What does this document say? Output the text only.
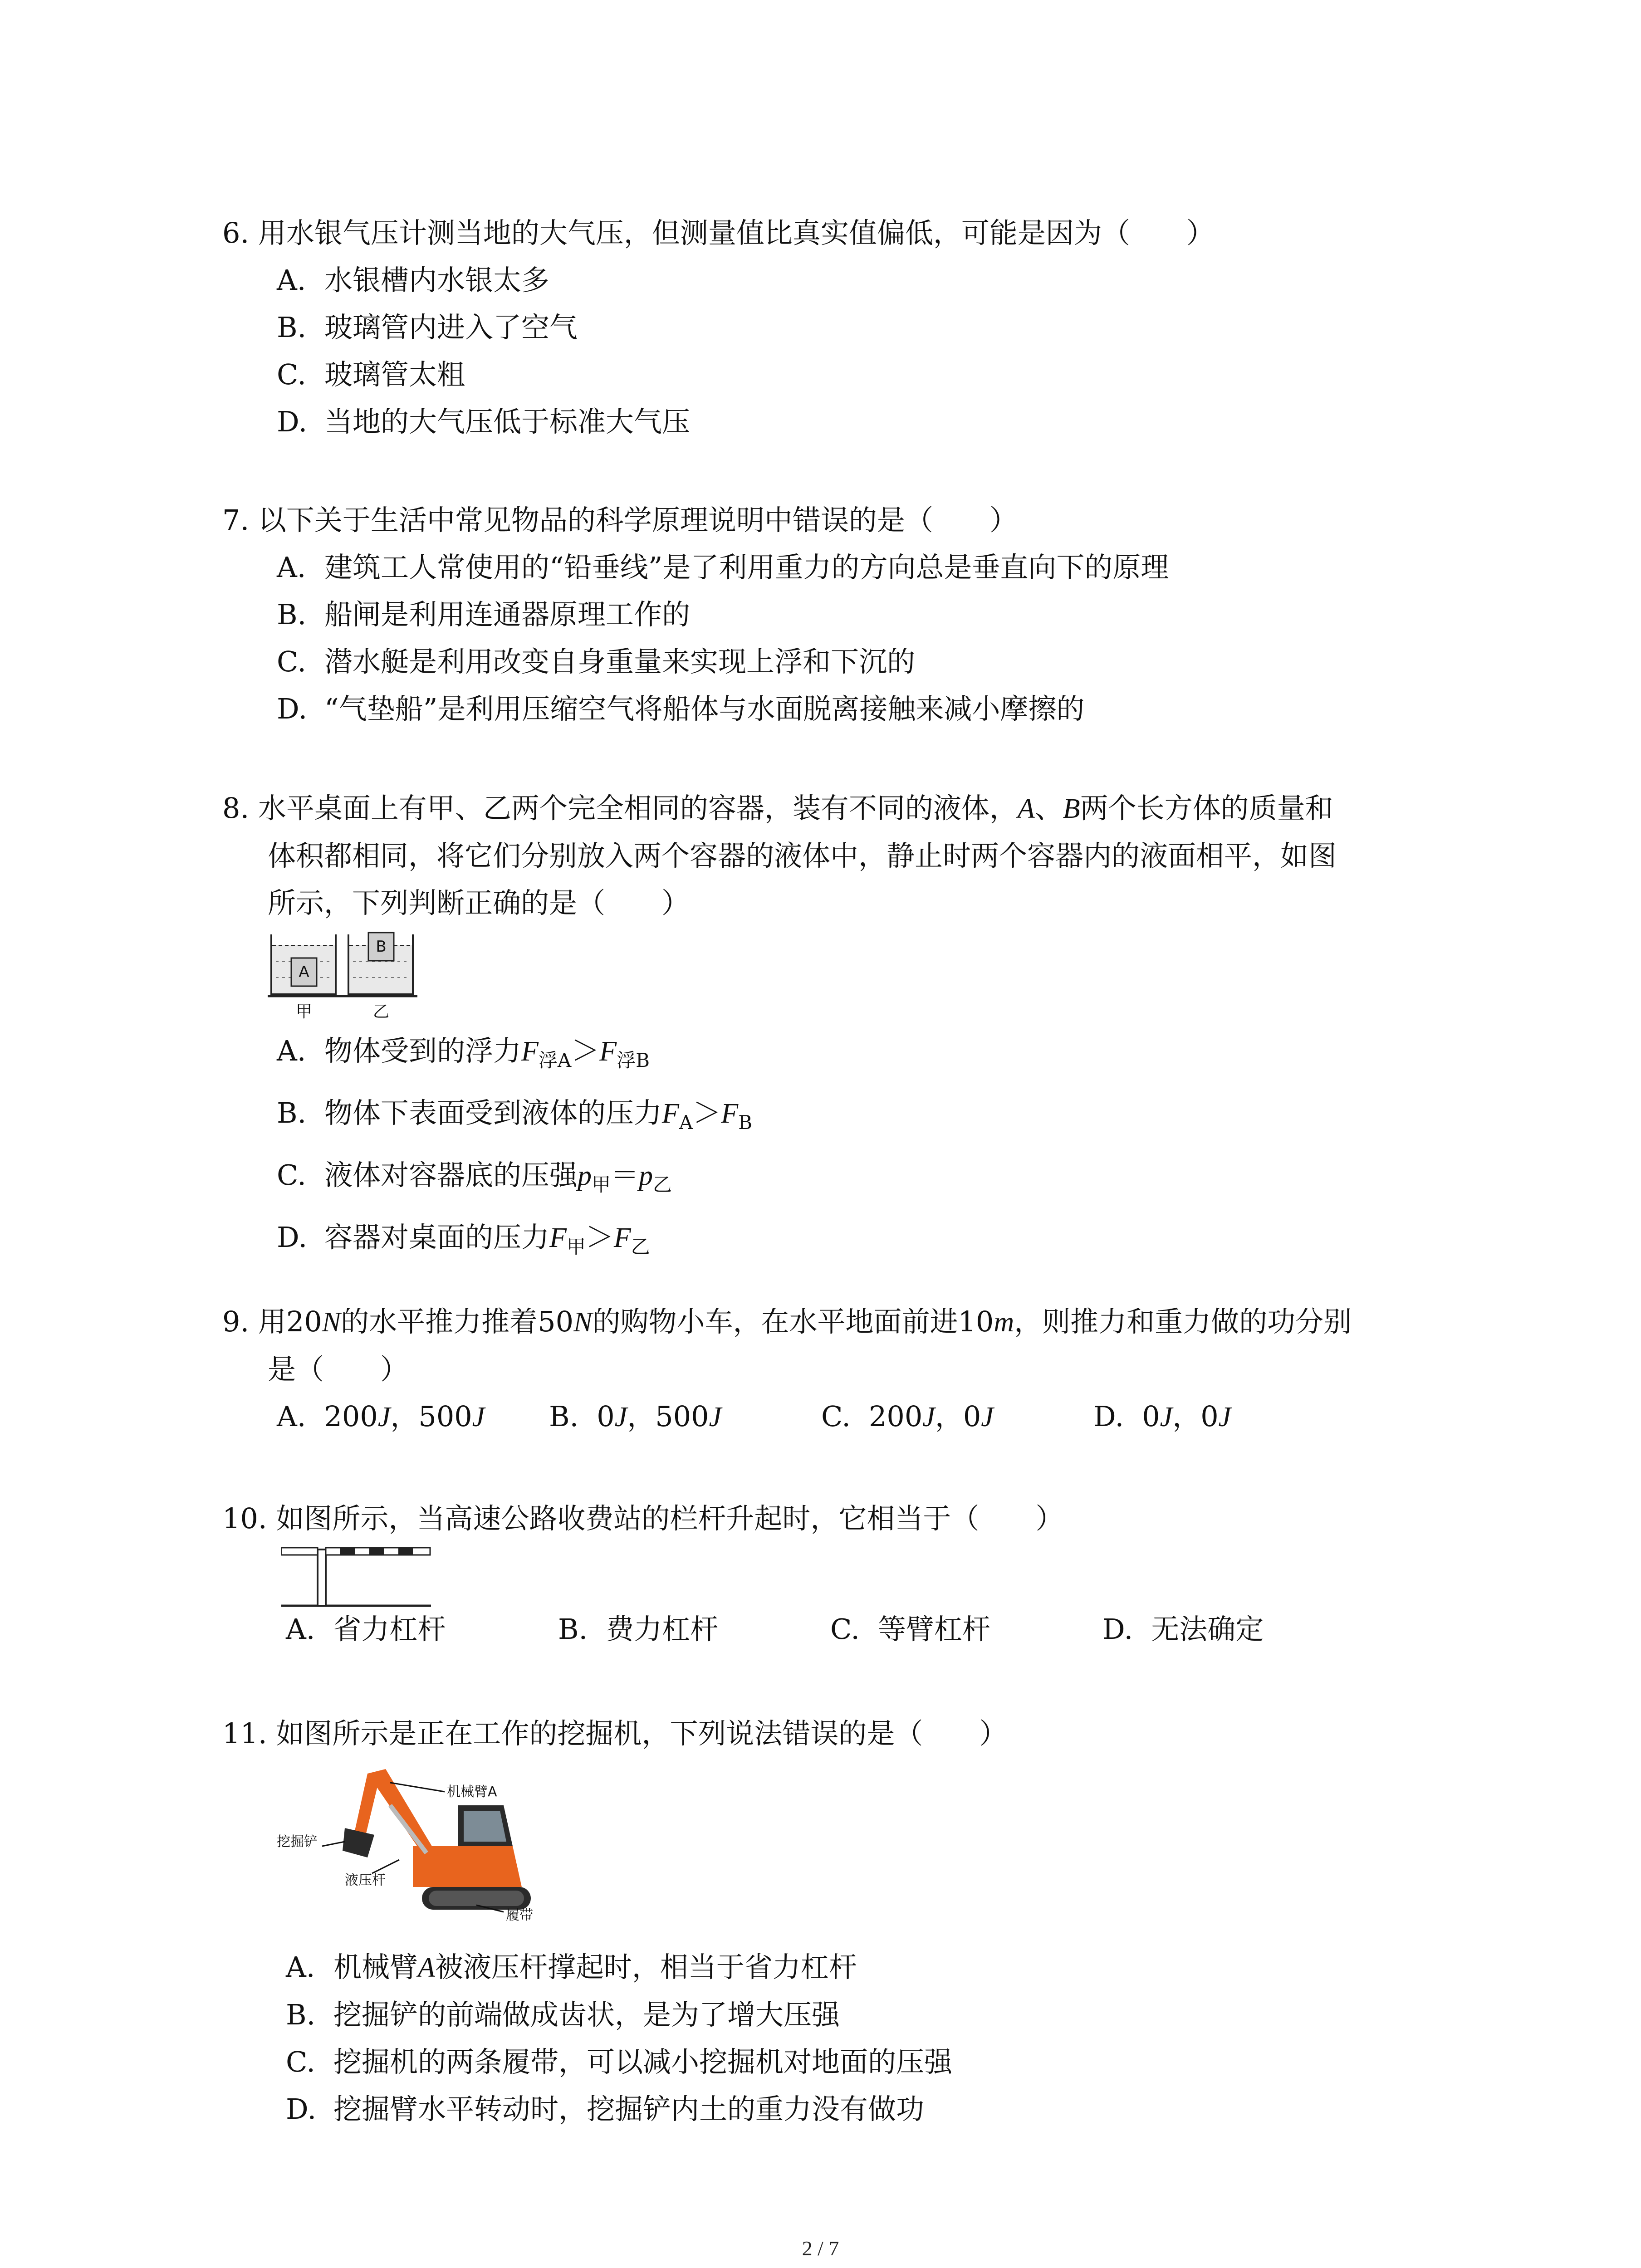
6. 用水银气压计测当地的大气压，但测量值比真实值偏低，可能是因为（　　）

A. 水银槽内水银太多

B. 玻璃管内进入了空气

C. 玻璃管太粗

D. 当地的大气压低于标准大气压

7. 以下关于生活中常见物品的科学原理说明中错误的是（　　）

A. 建筑工人常使用的“铅垂线”是了利用重力的方向总是垂直向下的原理

B. 船闸是利用连通器原理工作的

C. 潜水艇是利用改变自身重量来实现上浮和下沉的

D. “气垫船”是利用压缩空气将船体与水面脱离接触来减小摩擦的

8. 水平桌面上有甲、乙两个完全相同的容器，装有不同的液体，A、B两个长方体的质量和

体积都相同，将它们分别放入两个容器的液体中，静止时两个容器内的液面相平，如图

所示，下列判断正确的是（　　）

A
B
甲	乙

A. 物体受到的浮力$F_{浮A}>F_{浮B}$

B. 物体下表面受到液体的压力$F_A>F_B$

C. 液体对容器底的压强$p_甲=p_乙$

D. 容器对桌面的压力$F_甲>F_乙$

9. 用20N的水平推力推着50N的购物小车，在水平地面前进10m，则推力和重力做的功分别

是（　　）

A. 200J，500J	B. 0J，500J	C. 200J，0J	D. 0J，0J

10. 如图所示，当高速公路收费站的栏杆升起时，它相当于（　　）

A. 省力杠杆	B. 费力杠杆	C. 等臂杠杆	D. 无法确定

11. 如图所示是正在工作的挖掘机，下列说法错误的是（　　）

机械臂A
挖掘铲
液压杆
履带

A. 机械臂A被液压杆撑起时，相当于省力杠杆

B. 挖掘铲的前端做成齿状，是为了增大压强

C. 挖掘机的两条履带，可以减小挖掘机对地面的压强

D. 挖掘臂水平转动时，挖掘铲内土的重力没有做功

2 / 7
